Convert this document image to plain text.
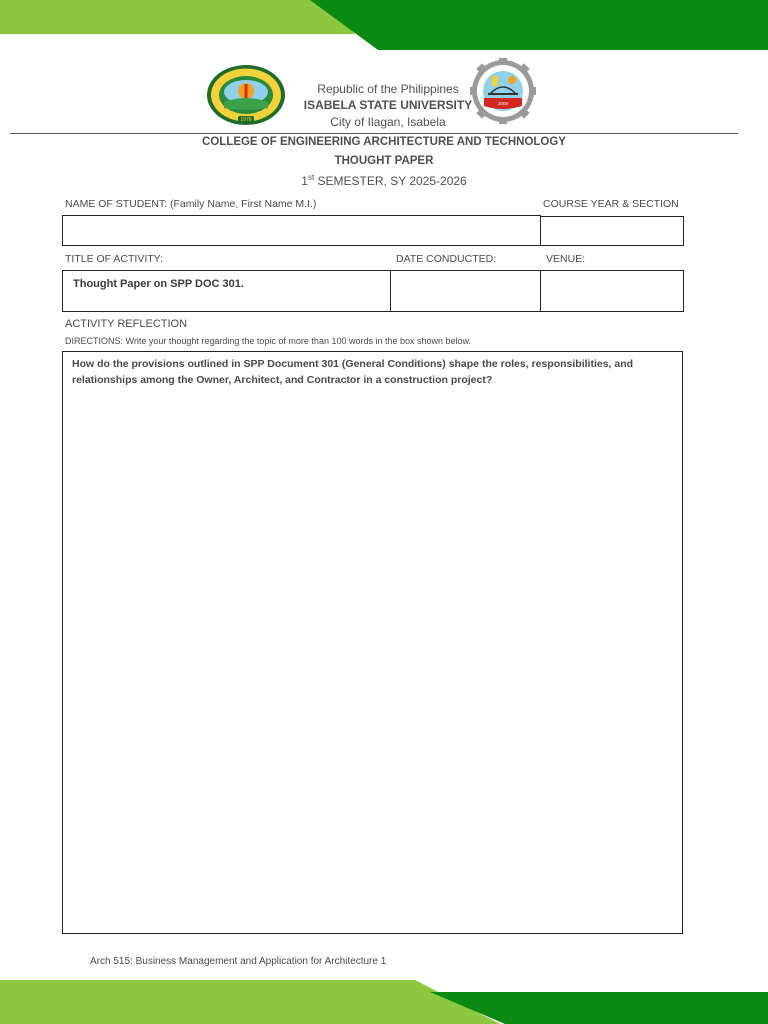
1978
2008
Republic of the Philippines
ISABELA STATE UNIVERSITY
City of Ilagan, Isabela
COLLEGE OF ENGINEERING ARCHITECTURE AND TECHNOLOGY
THOUGHT PAPER
1st SEMESTER, SY 2025-2026
NAME OF STUDENT: (Family Name, First Name M.I.)	COURSE YEAR & SECTION
TITLE OF ACTIVITY:	DATE CONDUCTED:	VENUE:
Thought Paper on SPP DOC 301.
ACTIVITY REFLECTION
DIRECTIONS: Write your thought regarding the topic of more than 100 words in the box shown below.
How do the provisions outlined in SPP Document 301 (General Conditions) shape the roles, responsibilities, and relationships among the Owner, Architect, and Contractor in a construction project?
Arch 515: Business Management and Application for Architecture 1
